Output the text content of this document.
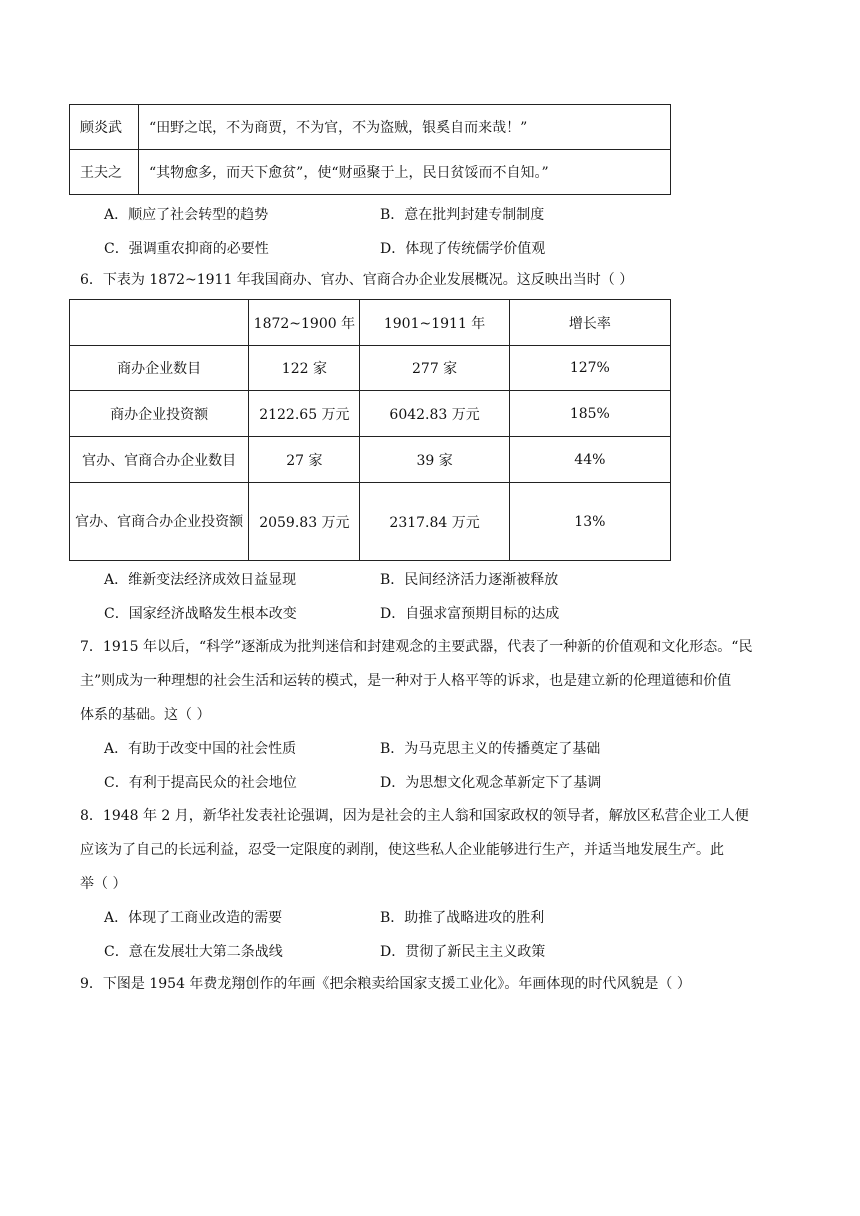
顾炎武	“田野之氓，不为商贾，不为官，不为盗贼，银奚自而来哉！”
王夫之	“其物愈多，而天下愈贫”，使“财亟聚于上，民日贫馁而不自知。”
A．顺应了社会转型的趋势	B．意在批判封建专制制度
C．强调重农抑商的必要性	D．体现了传统儒学价值观
6．下表为 1872~1911 年我国商办、官办、官商合办企业发展概况。这反映出当时（ ）
	1872~1900 年	1901~1911 年	增长率
商办企业数目	122 家	277 家	127%
商办企业投资额	2122.65 万元	6042.83 万元	185%
官办、官商合办企业数目	27 家	39 家	44%
官办、官商合办企业投资额	2059.83 万元	2317.84 万元	13%
A．维新变法经济成效日益显现	B．民间经济活力逐渐被释放
C．国家经济战略发生根本改变	D．自强求富预期目标的达成
7．1915 年以后，“科学”逐渐成为批判迷信和封建观念的主要武器，代表了一种新的价值观和文化形态。“民
主”则成为一种理想的社会生活和运转的模式，是一种对于人格平等的诉求，也是建立新的伦理道德和价值
体系的基础。这（ ）
A．有助于改变中国的社会性质	B．为马克思主义的传播奠定了基础
C．有利于提高民众的社会地位	D．为思想文化观念革新定下了基调
8．1948 年 2 月，新华社发表社论强调，因为是社会的主人翁和国家政权的领导者，解放区私营企业工人便
应该为了自己的长远利益，忍受一定限度的剥削，使这些私人企业能够进行生产，并适当地发展生产。此
举（ ）
A．体现了工商业改造的需要	B．助推了战略进攻的胜利
C．意在发展壮大第二条战线	D．贯彻了新民主主义政策
9．下图是 1954 年费龙翔创作的年画《把余粮卖给国家支援工业化》。年画体现的时代风貌是（ ）
